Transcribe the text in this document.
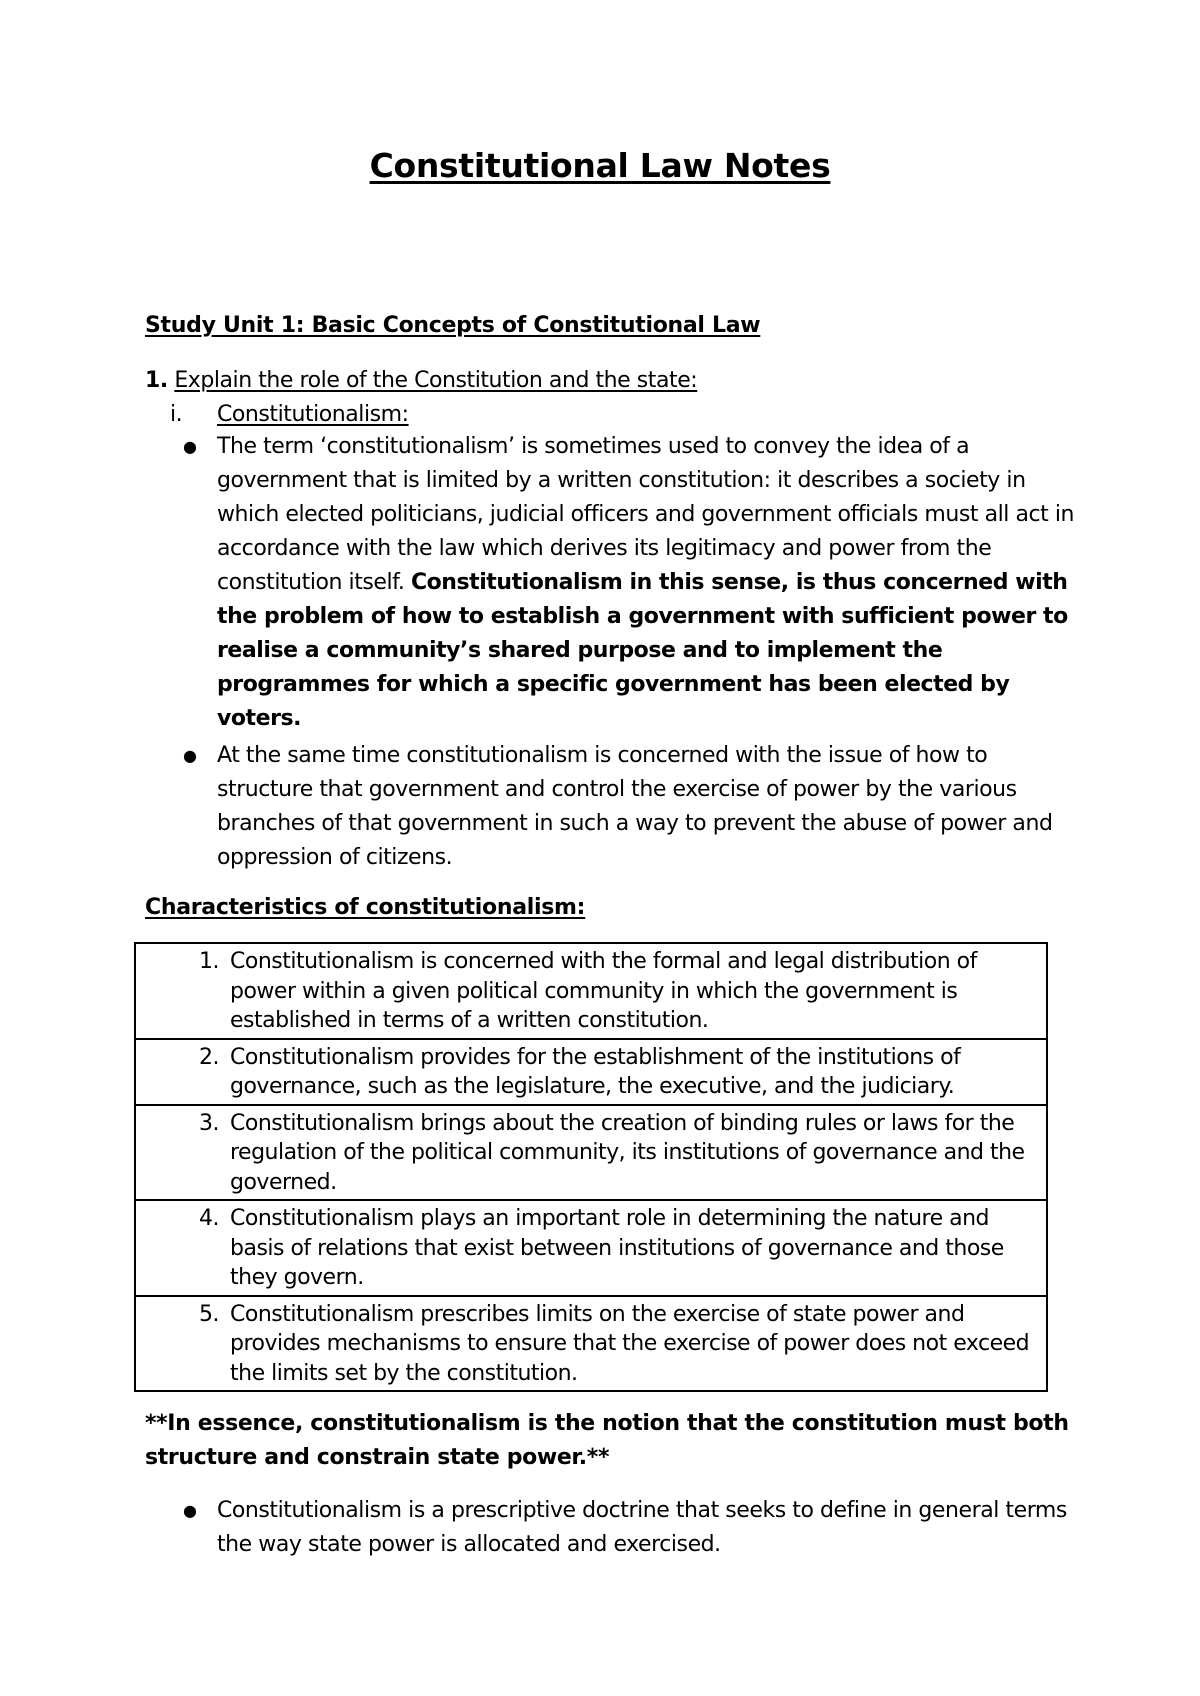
Constitutional Law Notes
Study Unit 1: Basic Concepts of Constitutional Law
1. Explain the role of the Constitution and the state:
i. Constitutionalism:
● The term ‘constitutionalism’ is sometimes used to convey the idea of a government that is limited by a written constitution: it describes a society in which elected politicians, judicial officers and government officials must all act in accordance with the law which derives its legitimacy and power from the constitution itself. Constitutionalism in this sense, is thus concerned with the problem of how to establish a government with sufficient power to realise a community’s shared purpose and to implement the programmes for which a specific government has been elected by voters.
● At the same time constitutionalism is concerned with the issue of how to structure that government and control the exercise of power by the various branches of that government in such a way to prevent the abuse of power and oppression of citizens.
Characteristics of constitutionalism:
1. Constitutionalism is concerned with the formal and legal distribution of power within a given political community in which the government is established in terms of a written constitution.
2. Constitutionalism provides for the establishment of the institutions of governance, such as the legislature, the executive, and the judiciary.
3. Constitutionalism brings about the creation of binding rules or laws for the regulation of the political community, its institutions of governance and the governed.
4. Constitutionalism plays an important role in determining the nature and basis of relations that exist between institutions of governance and those they govern.
5. Constitutionalism prescribes limits on the exercise of state power and provides mechanisms to ensure that the exercise of power does not exceed the limits set by the constitution.
**In essence, constitutionalism is the notion that the constitution must both structure and constrain state power.**
● Constitutionalism is a prescriptive doctrine that seeks to define in general terms the way state power is allocated and exercised.
